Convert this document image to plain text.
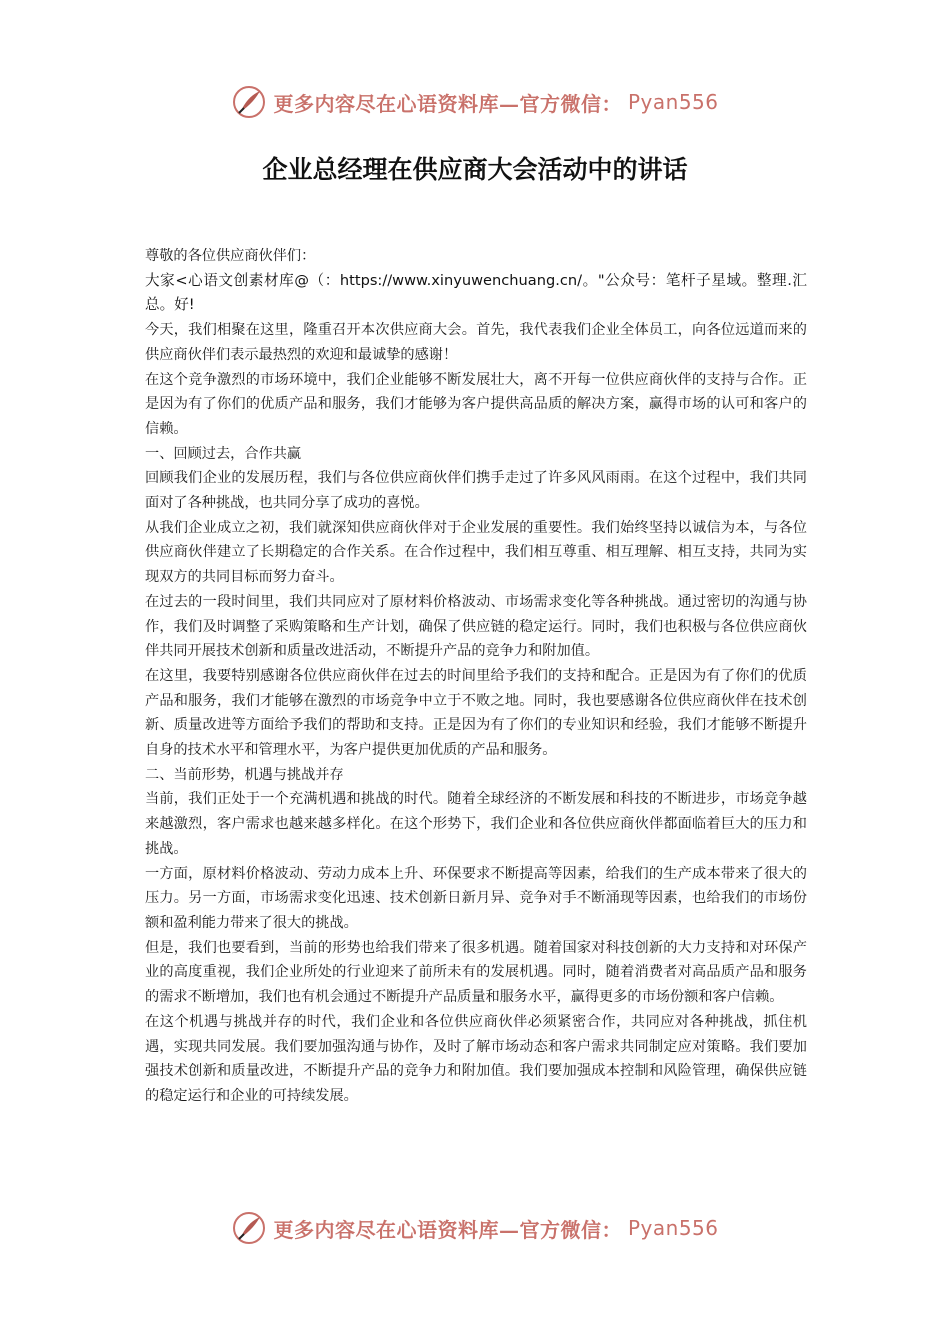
更多内容尽在心语资料库—官方微信： Pyan556
企业总经理在供应商大会活动中的讲话

尊敬的各位供应商伙伴们：

大家<心语文创素材库@（：https://www.xinyuwenchuang.cn/。"公众号：笔杆子星域。整理.汇总。好!

今天，我们相聚在这里，隆重召开本次供应商大会。首先，我代表我们企业全体员工，向各位远道而来的供应商伙伴们表示最热烈的欢迎和最诚挚的感谢！

在这个竞争激烈的市场环境中，我们企业能够不断发展壮大，离不开每一位供应商伙伴的支持与合作。正是因为有了你们的优质产品和服务，我们才能够为客户提供高品质的解决方案，赢得市场的认可和客户的信赖。

一、回顾过去，合作共赢

回顾我们企业的发展历程，我们与各位供应商伙伴们携手走过了许多风风雨雨。在这个过程中，我们共同面对了各种挑战，也共同分享了成功的喜悦。

从我们企业成立之初，我们就深知供应商伙伴对于企业发展的重要性。我们始终坚持以诚信为本，与各位供应商伙伴建立了长期稳定的合作关系。在合作过程中，我们相互尊重、相互理解、相互支持，共同为实现双方的共同目标而努力奋斗。

在过去的一段时间里，我们共同应对了原材料价格波动、市场需求变化等各种挑战。通过密切的沟通与协作，我们及时调整了采购策略和生产计划，确保了供应链的稳定运行。同时，我们也积极与各位供应商伙伴共同开展技术创新和质量改进活动，不断提升产品的竞争力和附加值。

在这里，我要特别感谢各位供应商伙伴在过去的时间里给予我们的支持和配合。正是因为有了你们的优质产品和服务，我们才能够在激烈的市场竞争中立于不败之地。同时，我也要感谢各位供应商伙伴在技术创新、质量改进等方面给予我们的帮助和支持。正是因为有了你们的专业知识和经验，我们才能够不断提升自身的技术水平和管理水平，为客户提供更加优质的产品和服务。

二、当前形势，机遇与挑战并存

当前，我们正处于一个充满机遇和挑战的时代。随着全球经济的不断发展和科技的不断进步，市场竞争越来越激烈，客户需求也越来越多样化。在这个形势下，我们企业和各位供应商伙伴都面临着巨大的压力和挑战。

一方面，原材料价格波动、劳动力成本上升、环保要求不断提高等因素，给我们的生产成本带来了很大的压力。另一方面，市场需求变化迅速、技术创新日新月异、竞争对手不断涌现等因素，也给我们的市场份额和盈利能力带来了很大的挑战。

但是，我们也要看到，当前的形势也给我们带来了很多机遇。随着国家对科技创新的大力支持和对环保产业的高度重视，我们企业所处的行业迎来了前所未有的发展机遇。同时，随着消费者对高品质产品和服务的需求不断增加，我们也有机会通过不断提升产品质量和服务水平，赢得更多的市场份额和客户信赖。

在这个机遇与挑战并存的时代，我们企业和各位供应商伙伴必须紧密合作，共同应对各种挑战，抓住机遇，实现共同发展。我们要加强沟通与协作，及时了解市场动态和客户需求共同制定应对策略。我们要加强技术创新和质量改进，不断提升产品的竞争力和附加值。我们要加强成本控制和风险管理，确保供应链的稳定运行和企业的可持续发展。

更多内容尽在心语资料库—官方微信： Pyan556
